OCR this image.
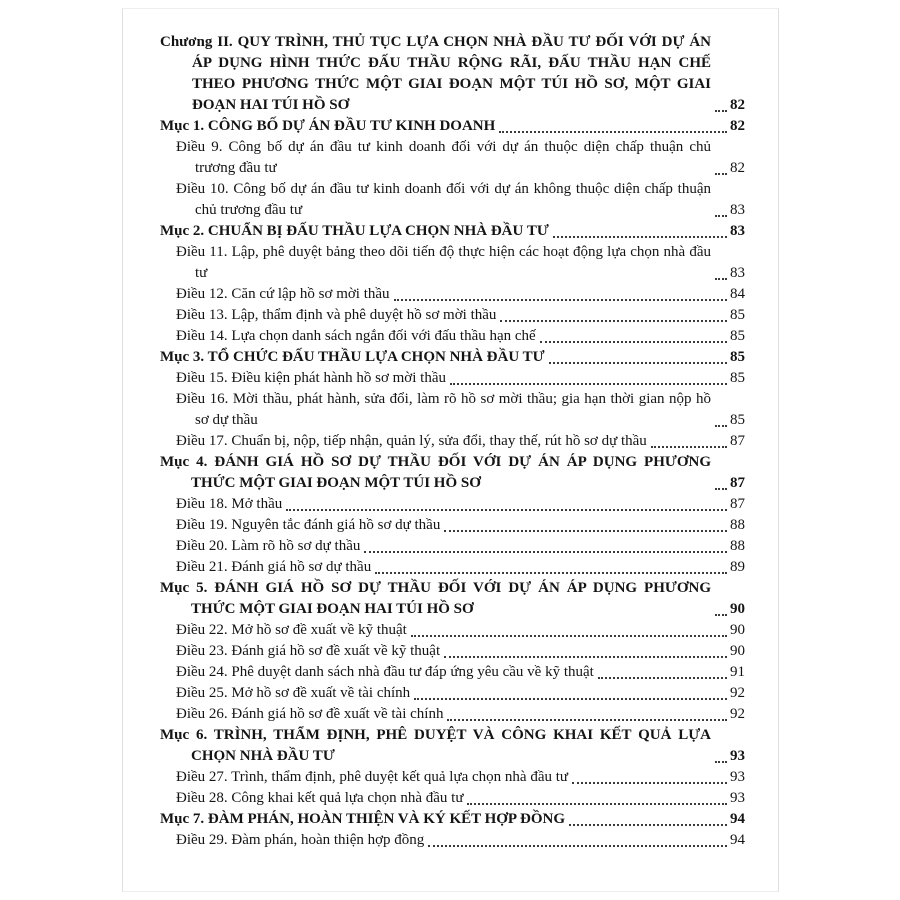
Chương II. QUY TRÌNH, THỦ TỤC LỰA CHỌN NHÀ ĐẦU TƯ ĐỐI VỚI DỰ ÁN ÁP DỤNG HÌNH THỨC ĐẤU THẦU RỘNG RÃI, ĐẤU THẦU HẠN CHẾ THEO PHƯƠNG THỨC MỘT GIAI ĐOẠN MỘT TÚI HỒ SƠ, MỘT GIAI ĐOẠN HAI TÚI HỒ SƠ	82
Mục 1. CÔNG BỐ DỰ ÁN ĐẦU TƯ KINH DOANH	82
Điều 9. Công bố dự án đầu tư kinh doanh đối với dự án thuộc diện chấp thuận chủ trương đầu tư	82
Điều 10. Công bố dự án đầu tư kinh doanh đối với dự án không thuộc diện chấp thuận chủ trương đầu tư	83
Mục 2. CHUẨN BỊ ĐẤU THẦU LỰA CHỌN NHÀ ĐẦU TƯ	83
Điều 11. Lập, phê duyệt bảng theo dõi tiến độ thực hiện các hoạt động lựa chọn nhà đầu tư	83
Điều 12. Căn cứ lập hồ sơ mời thầu	84
Điều 13. Lập, thẩm định và phê duyệt hồ sơ mời thầu	85
Điều 14. Lựa chọn danh sách ngắn đối với đấu thầu hạn chế	85
Mục 3. TỔ CHỨC ĐẤU THẦU LỰA CHỌN NHÀ ĐẦU TƯ	85
Điều 15. Điều kiện phát hành hồ sơ mời thầu	85
Điều 16. Mời thầu, phát hành, sửa đổi, làm rõ hồ sơ mời thầu; gia hạn thời gian nộp hồ sơ dự thầu	85
Điều 17. Chuẩn bị, nộp, tiếp nhận, quản lý, sửa đổi, thay thế, rút hồ sơ dự thầu	87
Mục 4. ĐÁNH GIÁ HỒ SƠ DỰ THẦU ĐỐI VỚI DỰ ÁN ÁP DỤNG PHƯƠNG THỨC MỘT GIAI ĐOẠN MỘT TÚI HỒ SƠ	87
Điều 18. Mở thầu	87
Điều 19. Nguyên tắc đánh giá hồ sơ dự thầu	88
Điều 20. Làm rõ hồ sơ dự thầu	88
Điều 21. Đánh giá hồ sơ dự thầu	89
Mục 5. ĐÁNH GIÁ HỒ SƠ DỰ THẦU ĐỐI VỚI DỰ ÁN ÁP DỤNG PHƯƠNG THỨC MỘT GIAI ĐOẠN HAI TÚI HỒ SƠ	90
Điều 22. Mở hồ sơ đề xuất về kỹ thuật	90
Điều 23. Đánh giá hồ sơ đề xuất về kỹ thuật	90
Điều 24. Phê duyệt danh sách nhà đầu tư đáp ứng yêu cầu về kỹ thuật	91
Điều 25. Mở hồ sơ đề xuất về tài chính	92
Điều 26. Đánh giá hồ sơ đề xuất về tài chính	92
Mục 6. TRÌNH, THẨM ĐỊNH, PHÊ DUYỆT VÀ CÔNG KHAI KẾT QUẢ LỰA CHỌN NHÀ ĐẦU TƯ	93
Điều 27. Trình, thẩm định, phê duyệt kết quả lựa chọn nhà đầu tư	93
Điều 28. Công khai kết quả lựa chọn nhà đầu tư	93
Mục 7. ĐÀM PHÁN, HOÀN THIỆN VÀ KÝ KẾT HỢP ĐỒNG	94
Điều 29. Đàm phán, hoàn thiện hợp đồng	94
